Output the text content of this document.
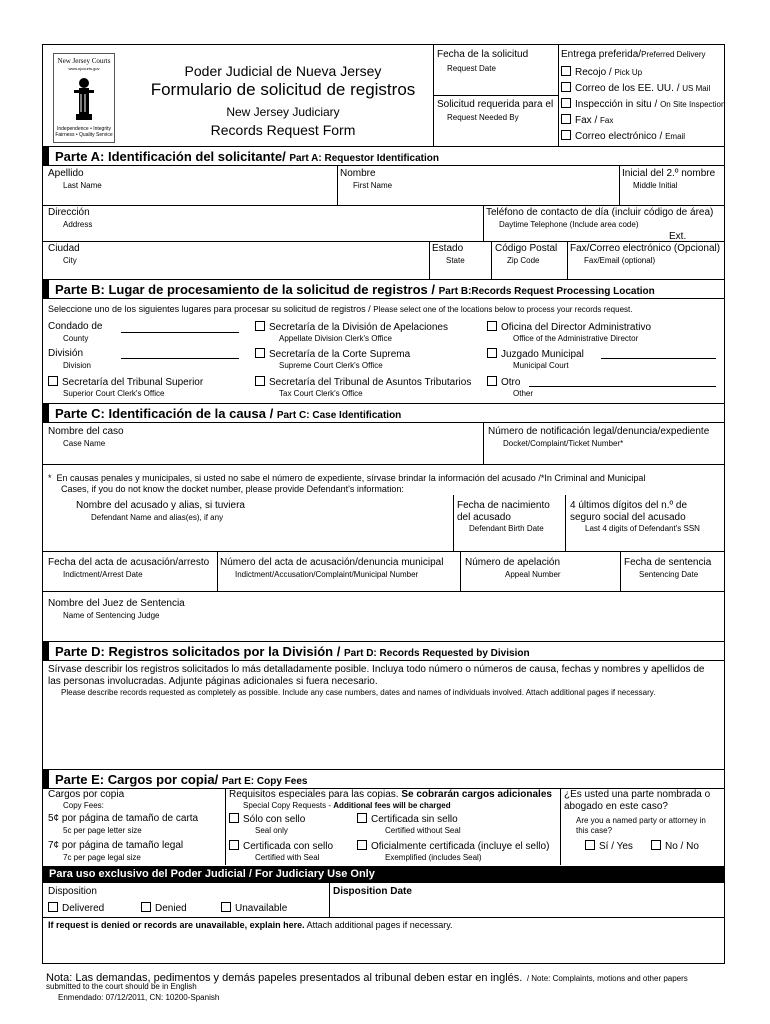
New Jersey Courts
www.njcourts.gov
Independence • Integrity
Fairness • Quality Service
Poder Judicial de Nueva Jersey
Formulario de solicitud de registros
New Jersey Judiciary
Records Request Form
Fecha de la solicitud
Request Date
Solicitud requerida para el
Request Needed By
Entrega preferida/Preferred Delivery
Recojo / Pick Up
Correo de los EE. UU. / US Mail
Inspección in situ / On Site Inspection
Fax / Fax
Correo electrónico / Email
Parte A: Identificación del solicitante/ Part A: Requestor Identification
Apellido
Last Name
Nombre
First Name
Inicial del 2.º nombre
Middle Initial
Dirección
Address
Teléfono de contacto de día (incluir código de área)
Daytime Telephone (Include area code)
Ext.
Ciudad
City
Estado
State
Código Postal
Zip Code
Fax/Correo electrónico (Opcional)
Fax/Email (optional)
Parte B: Lugar de procesamiento de la solicitud de registros / Part B:Records Request Processing Location
Seleccione uno de los siguientes lugares para procesar su solicitud de registros / Please select one of the locations below to process your records request.
Condado de
County
División
Division
Secretaría del Tribunal Superior
Superior Court Clerk's Office
Secretaría de la División de Apelaciones
Appellate Division Clerk's Office
Secretaría de la Corte Suprema
Supreme Court Clerk's Office
Secretaría del Tribunal de Asuntos Tributarios
Tax Court Clerk's Office
Oficina del Director Administrativo
Office of the Administrative Director
Juzgado Municipal
Municipal Court
Otro
Other
Parte C: Identificación de la causa / Part C: Case Identification
Nombre del caso
Case Name
Número de notificación legal/denuncia/expediente
Docket/Complaint/Ticket Number*
* En causas penales y municipales, si usted no sabe el número de expediente, sírvase brindar la información del acusado /*In Criminal and Municipal
Cases, if you do not know the docket number, please provide Defendant's information:
Nombre del acusado y alias, si tuviera
Defendant Name and alias(es), if any
Fecha de nacimiento
del acusado
Defendant Birth Date
4 últimos dígitos del n.º de
seguro social del acusado
Last 4 digits of Defendant's SSN
Fecha del acta de acusación/arresto
Indictment/Arrest Date
Número del acta de acusación/denuncia municipal
Indictment/Accusation/Complaint/Municipal Number
Número de apelación
Appeal Number
Fecha de sentencia
Sentencing Date
Nombre del Juez de Sentencia
Name of Sentencing Judge
Parte D: Registros solicitados por la División / Part D: Records Requested by Division
Sírvase describir los registros solicitados lo más detalladamente posible. Incluya todo número o números de causa, fechas y nombres y apellidos de
las personas involucradas. Adjunte páginas adicionales si fuera necesario.
Please describe records requested as completely as possible. Include any case numbers, dates and names of individuals involved. Attach additional pages if necessary.
Parte E: Cargos por copia/ Part E: Copy Fees
Cargos por copia
Copy Fees:
5¢ por página de tamaño de carta
5c per page letter size
7¢ por página de tamaño legal
7c per page legal size
Requisitos especiales para las copias. Se cobrarán cargos adicionales
Special Copy Requests - Additional fees will be charged
Sólo con sello
Seal only
Certificada sin sello
Certified without Seal
Certificada con sello
Certified with Seal
Oficialmente certificada (incluye el sello)
Exemplified (includes Seal)
¿Es usted una parte nombrada o
abogado en este caso?
Are you a named party or attorney in
this case?
Sí / Yes	No / No
Para uso exclusivo del Poder Judicial / For Judiciary Use Only
Disposition	Disposition Date
Delivered	Denied	Unavailable
If request is denied or records are unavailable, explain here. Attach additional pages if necessary.
Nota: Las demandas, pedimentos y demás papeles presentados al tribunal deben estar en inglés. / Note: Complaints, motions and other papers
submitted to the court should be in English
Enmendado: 07/12/2011, CN: 10200-Spanish
